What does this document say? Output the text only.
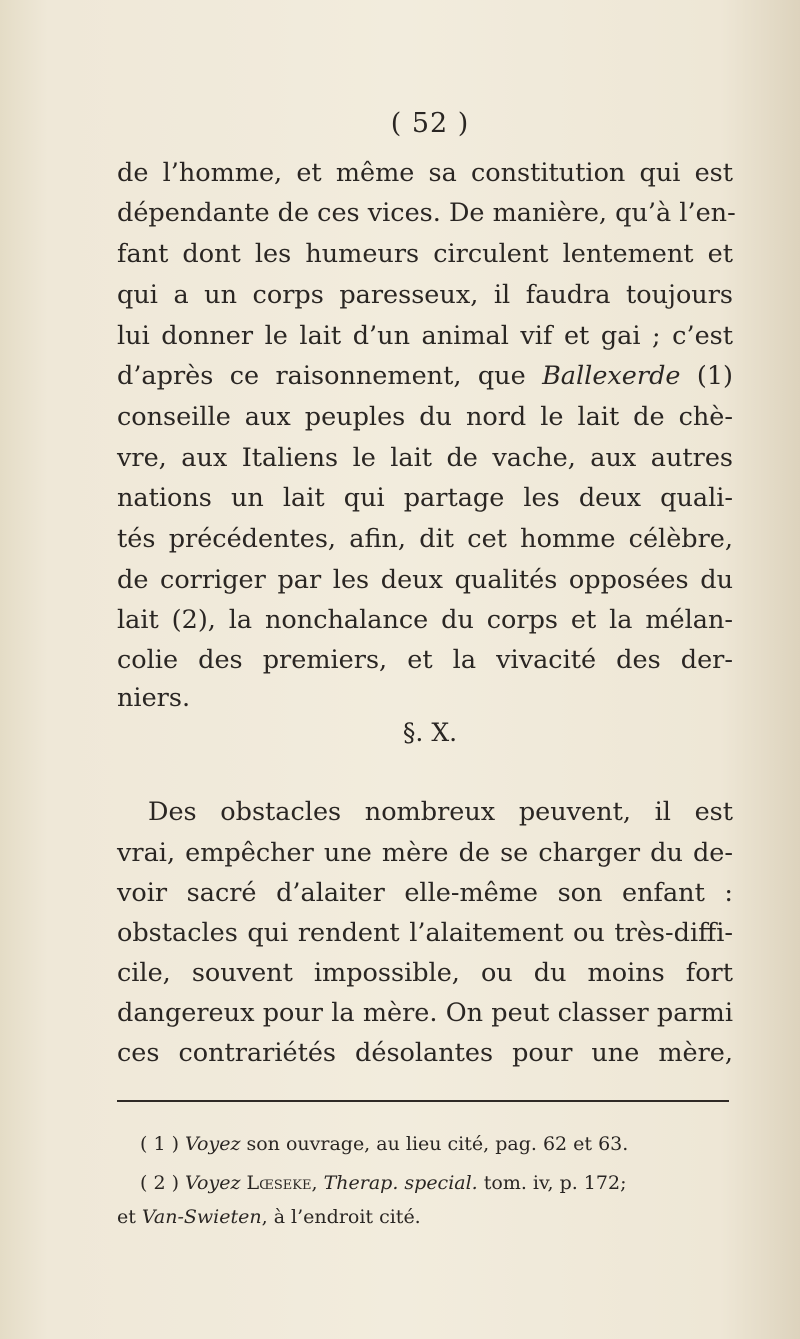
( 52 )
de l’homme, et même sa constitution qui est
dépendante de ces vices. De manière, qu’à l’en-
fant dont les humeurs circulent lentement et
qui a un corps paresseux, il faudra toujours
lui donner le lait d’un animal vif et gai ; c’est
d’après ce raisonnement, que Ballexerde (1)
conseille aux peuples du nord le lait de chè-
vre, aux Italiens le lait de vache, aux autres
nations un lait qui partage les deux quali-
tés précédentes, afin, dit cet homme célèbre,
de corriger par les deux qualités opposées du
lait (2), la nonchalance du corps et la mélan-
colie des premiers, et la vivacité des der-
niers.
§. X.
Des obstacles nombreux peuvent, il est
vrai, empêcher une mère de se charger du de-
voir sacré d’alaiter elle-même son enfant :
obstacles qui rendent l’alaitement ou très-diffi-
cile, souvent impossible, ou du moins fort
dangereux pour la mère. On peut classer parmi
ces contrariétés désolantes pour une mère,
( 1 ) Voyez son ouvrage, au lieu cité, pag. 62 et 63.
( 2 ) Voyez Lœseke, Therap. special. tom. iv, p. 172;
et Van-Swieten, à l’endroit cité.
